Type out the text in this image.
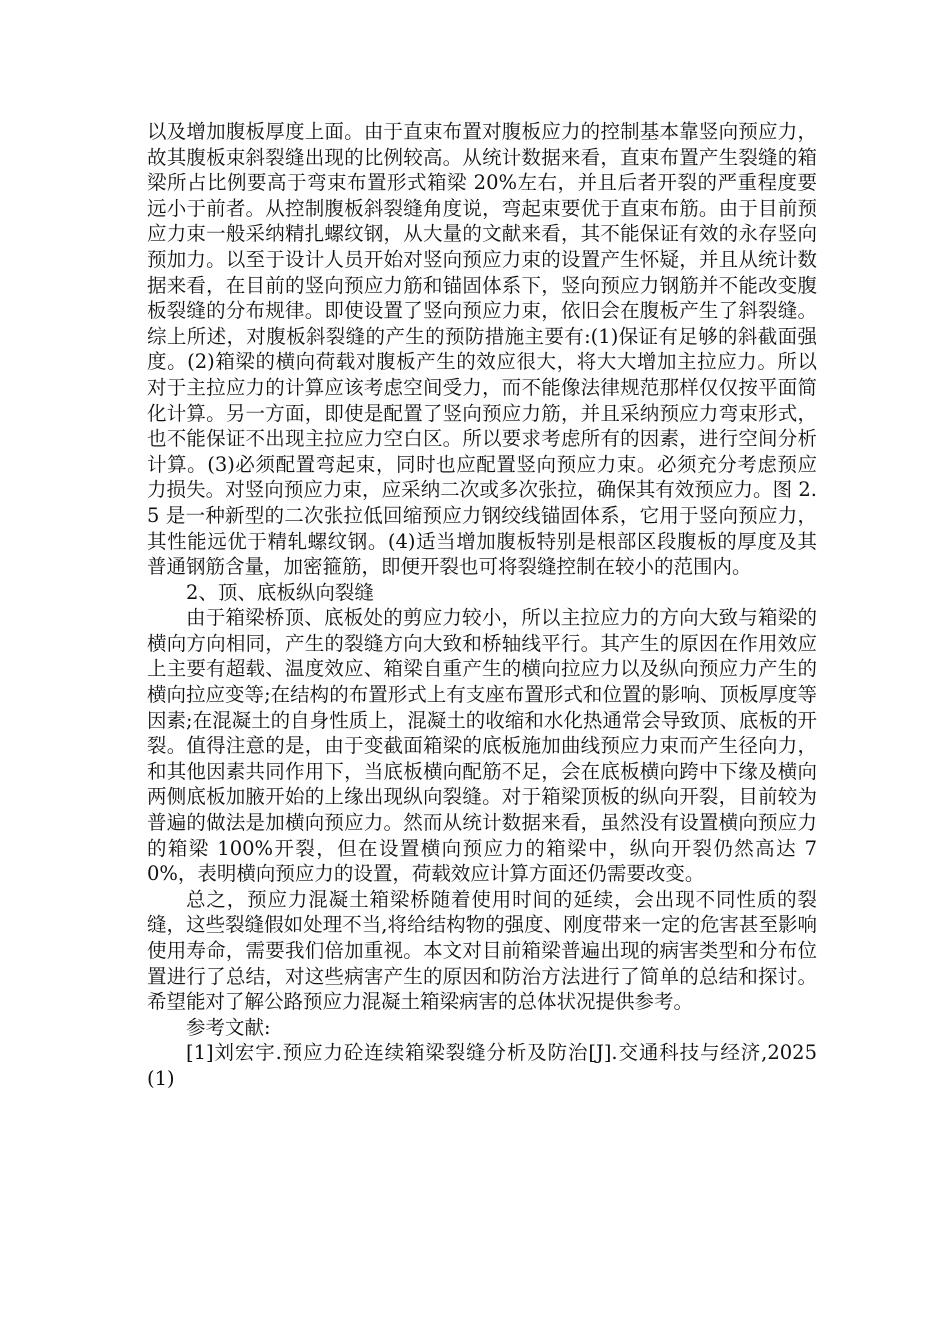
以及增加腹板厚度上面。由于直束布置对腹板应力的控制基本靠竖向预应力，故其腹板束斜裂缝出现的比例较高。从统计数据来看，直束布置产生裂缝的箱梁所占比例要高于弯束布置形式箱梁 20%左右，并且后者开裂的严重程度要远小于前者。从控制腹板斜裂缝角度说，弯起束要优于直束布筋。由于目前预应力束一般采纳精扎螺纹钢，从大量的文献来看，其不能保证有效的永存竖向预加力。以至于设计人员开始对竖向预应力束的设置产生怀疑，并且从统计数据来看，在目前的竖向预应力筋和锚固体系下，竖向预应力钢筋并不能改变腹板裂缝的分布规律。即使设置了竖向预应力束，依旧会在腹板产生了斜裂缝。综上所述，对腹板斜裂缝的产生的预防措施主要有:(1)保证有足够的斜截面强度。(2)箱梁的横向荷载对腹板产生的效应很大，将大大增加主拉应力。所以对于主拉应力的计算应该考虑空间受力，而不能像法律规范那样仅仅按平面简化计算。另一方面，即使是配置了竖向预应力筋，并且采纳预应力弯束形式，也不能保证不出现主拉应力空白区。所以要求考虑所有的因素，进行空间分析计算。(3)必须配置弯起束，同时也应配置竖向预应力束。必须充分考虑预应力损失。对竖向预应力束，应采纳二次或多次张拉，确保其有效预应力。图 2.5 是一种新型的二次张拉低回缩预应力钢绞线锚固体系，它用于竖向预应力，其性能远优于精轧螺纹钢。(4)适当增加腹板特别是根部区段腹板的厚度及其普通钢筋含量，加密箍筋，即便开裂也可将裂缝控制在较小的范围内。

2、顶、底板纵向裂缝

由于箱梁桥顶、底板处的剪应力较小，所以主拉应力的方向大致与箱梁的横向方向相同，产生的裂缝方向大致和桥轴线平行。其产生的原因在作用效应上主要有超载、温度效应、箱梁自重产生的横向拉应力以及纵向预应力产生的横向拉应变等;在结构的布置形式上有支座布置形式和位置的影响、顶板厚度等因素;在混凝土的自身性质上，混凝土的收缩和水化热通常会导致顶、底板的开裂。值得注意的是，由于变截面箱梁的底板施加曲线预应力束而产生径向力，和其他因素共同作用下，当底板横向配筋不足，会在底板横向跨中下缘及横向两侧底板加腋开始的上缘出现纵向裂缝。对于箱梁顶板的纵向开裂，目前较为普遍的做法是加横向预应力。然而从统计数据来看，虽然没有设置横向预应力的箱梁 100%开裂，但在设置横向预应力的箱梁中，纵向开裂仍然高达 70%，表明横向预应力的设置，荷载效应计算方面还仍需要改变。

总之，预应力混凝土箱梁桥随着使用时间的延续，会出现不同性质的裂缝，这些裂缝假如处理不当,将给结构物的强度、刚度带来一定的危害甚至影响使用寿命，需要我们倍加重视。本文对目前箱梁普遍出现的病害类型和分布位置进行了总结，对这些病害产生的原因和防治方法进行了简单的总结和探讨。希望能对了解公路预应力混凝土箱梁病害的总体状况提供参考。

参考文献:

[1]刘宏宇.预应力砼连续箱梁裂缝分析及防治[J].交通科技与经济,2025(1)
